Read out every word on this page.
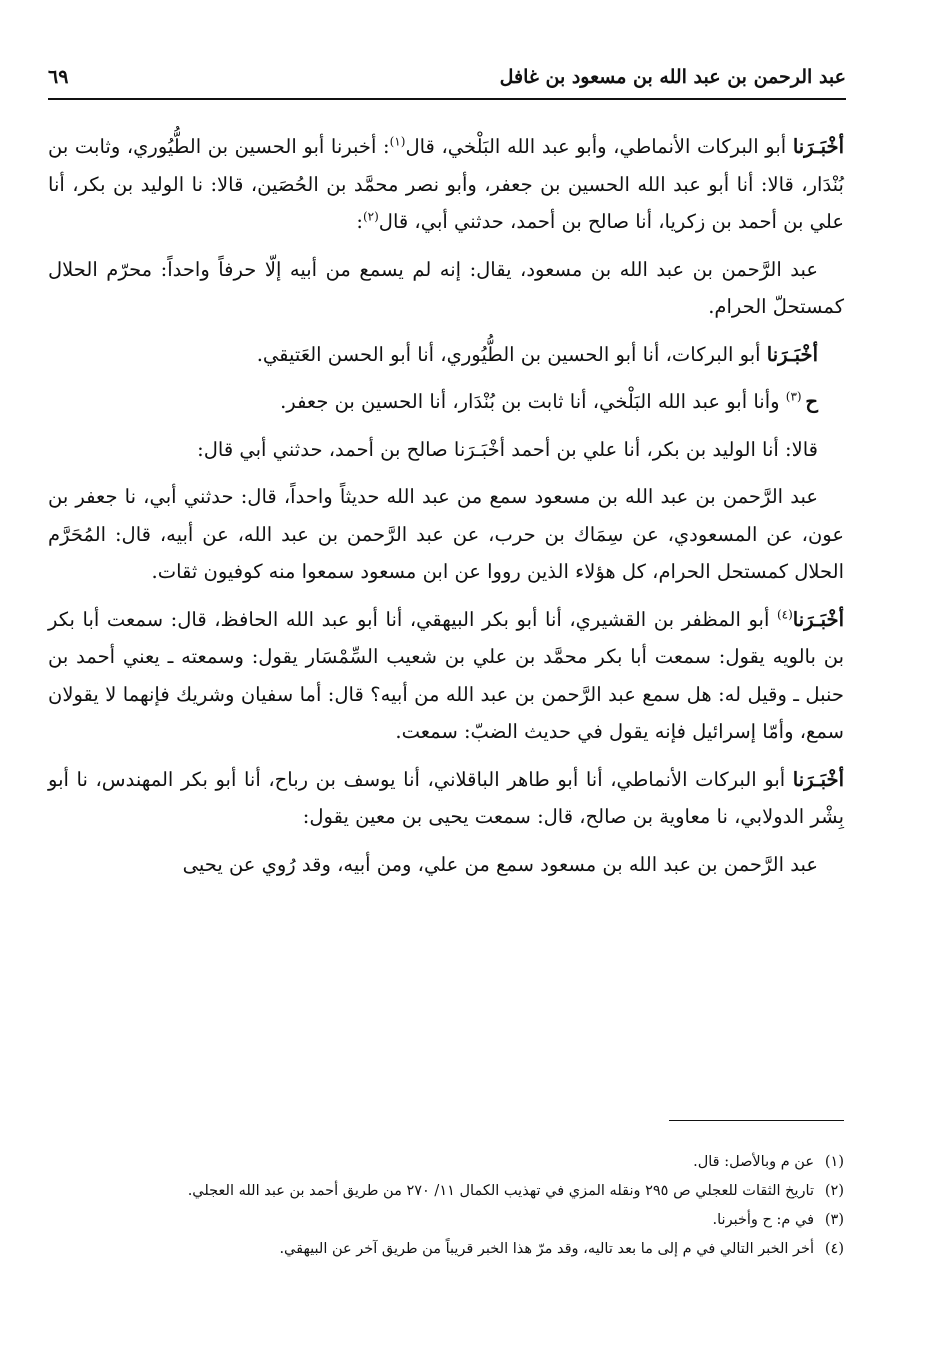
عبد الرحمن بن عبد الله بن مسعود بن غافل
٦٩

أخْبَـرَنا أبو البركات الأنماطي، وأبو عبد الله البَلْخي، قال$^{(١)}$: أخبرنا أبو الحسين بن الطُّيُوري، وثابت بن بُنْدَار، قالا: أنا أبو عبد الله الحسين بن جعفر، وأبو نصر محمَّد بن الحُصَين، قالا: نا الوليد بن بكر، أنا علي بن أحمد بن زكريا، أنا صالح بن أحمد، حدثني أبي، قال$^{(٢)}$:

عبد الرَّحمن بن عبد الله بن مسعود، يقال: إنه لم يسمع من أبيه إلّا حرفاً واحداً: محرّم الحلال كمستحلّ الحرام.

أخْبَـرَنا أبو البركات، أنا أبو الحسين بن الطُّيُوري، أنا أبو الحسن العَتيقي.

ح $^{(٣)}$ وأنا أبو عبد الله البَلْخي، أنا ثابت بن بُنْدَار، أنا الحسين بن جعفر.

قالا: أنا الوليد بن بكر، أنا علي بن أحمد أخْبَـرَنا صالح بن أحمد، حدثني أبي قال:

عبد الرَّحمن بن عبد الله بن مسعود سمع من عبد الله حديثاً واحداً، قال: حدثني أبي، نا جعفر بن عون، عن المسعودي، عن سِمَاك بن حرب، عن عبد الرَّحمن بن عبد الله، عن أبيه، قال: المُحَرَّم الحلال كمستحل الحرام، كل هؤلاء الذين رووا عن ابن مسعود سمعوا منه كوفيون ثقات.

أخْبَـرَنا$^{(٤)}$ أبو المظفر بن القشيري، أنا أبو بكر البيهقي، أنا أبو عبد الله الحافظ، قال: سمعت أبا بكر بن بالويه يقول: سمعت أبا بكر محمَّد بن علي بن شعيب السِّمْسَار يقول: وسمعته ـ يعني أحمد بن حنبل ـ وقيل له: هل سمع عبد الرَّحمن بن عبد الله من أبيه؟ قال: أما سفيان وشريك فإنهما لا يقولان سمع، وأمّا إسرائيل فإنه يقول في حديث الضبّ: سمعت.

أخْبَـرَنا أبو البركات الأنماطي، أنا أبو طاهر الباقلاني، أنا يوسف بن رباح، أنا أبو بكر المهندس، نا أبو بِشْر الدولابي، نا معاوية بن صالح، قال: سمعت يحيى بن معين يقول:

عبد الرَّحمن بن عبد الله بن مسعود سمع من علي، ومن أبيه، وقد رُوي عن يحيى

(١)عن م وبالأصل: قال.

(٢)تاريخ الثقات للعجلي ص ٢٩٥ ونقله المزي في تهذيب الكمال ١١/ ٢٧٠ من طريق أحمد بن عبد الله العجلي.

(٣)في م: ح وأخبرنا.

(٤)أخر الخبر التالي في م إلى ما بعد تاليه، وقد مرّ هذا الخبر قريباً من طريق آخر عن البيهقي.
